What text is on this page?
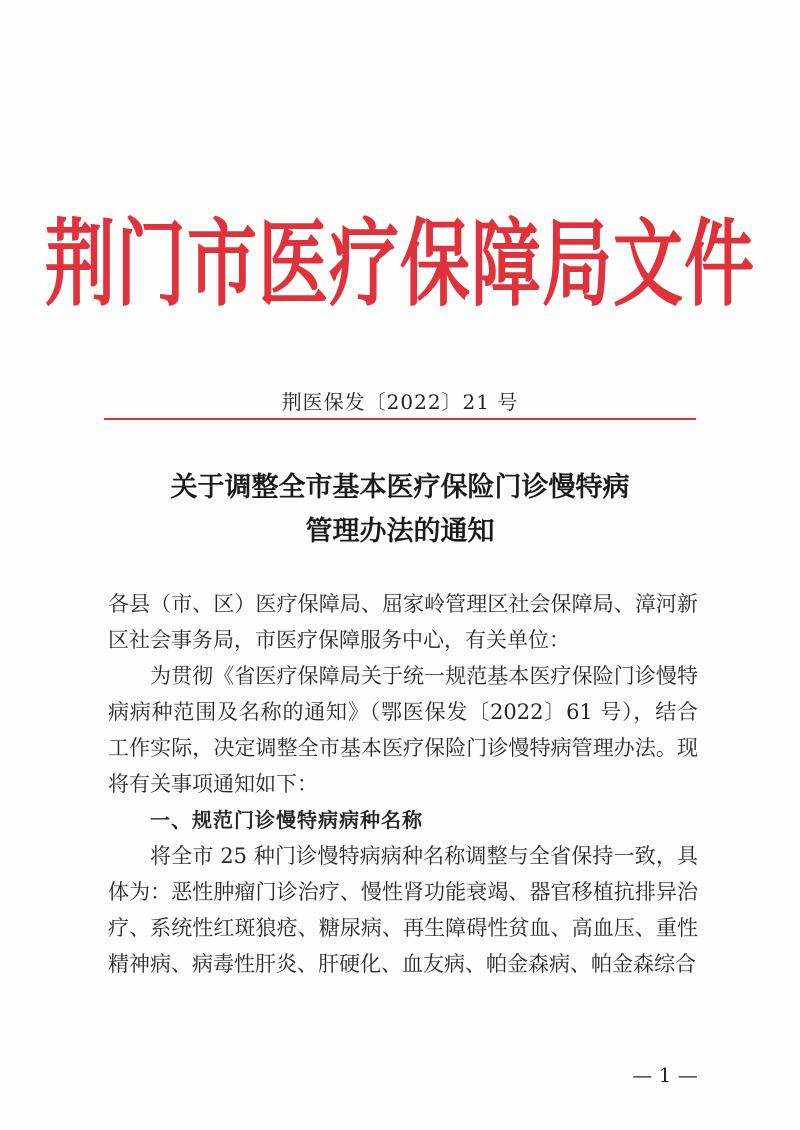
荆门市医疗保障局文件
荆医保发〔2022〕21 号
关于调整全市基本医疗保险门诊慢特病
管理办法的通知

各县（市、区）医疗保障局、屈家岭管理区社会保障局、漳河新区社会事务局，市医疗保障服务中心，有关单位：

为贯彻《省医疗保障局关于统一规范基本医疗保险门诊慢特病病种范围及名称的通知》（鄂医保发〔2022〕61 号），结合工作实际，决定调整全市基本医疗保险门诊慢特病管理办法。现将有关事项通知如下：

一、规范门诊慢特病病种名称

将全市 25 种门诊慢特病病种名称调整与全省保持一致，具体为：恶性肿瘤门诊治疗、慢性肾功能衰竭、器官移植抗排异治疗、系统性红斑狼疮、糖尿病、再生障碍性贫血、高血压、重性精神病、病毒性肝炎、肝硬化、血友病、帕金森病、帕金森综合

— 1 —
